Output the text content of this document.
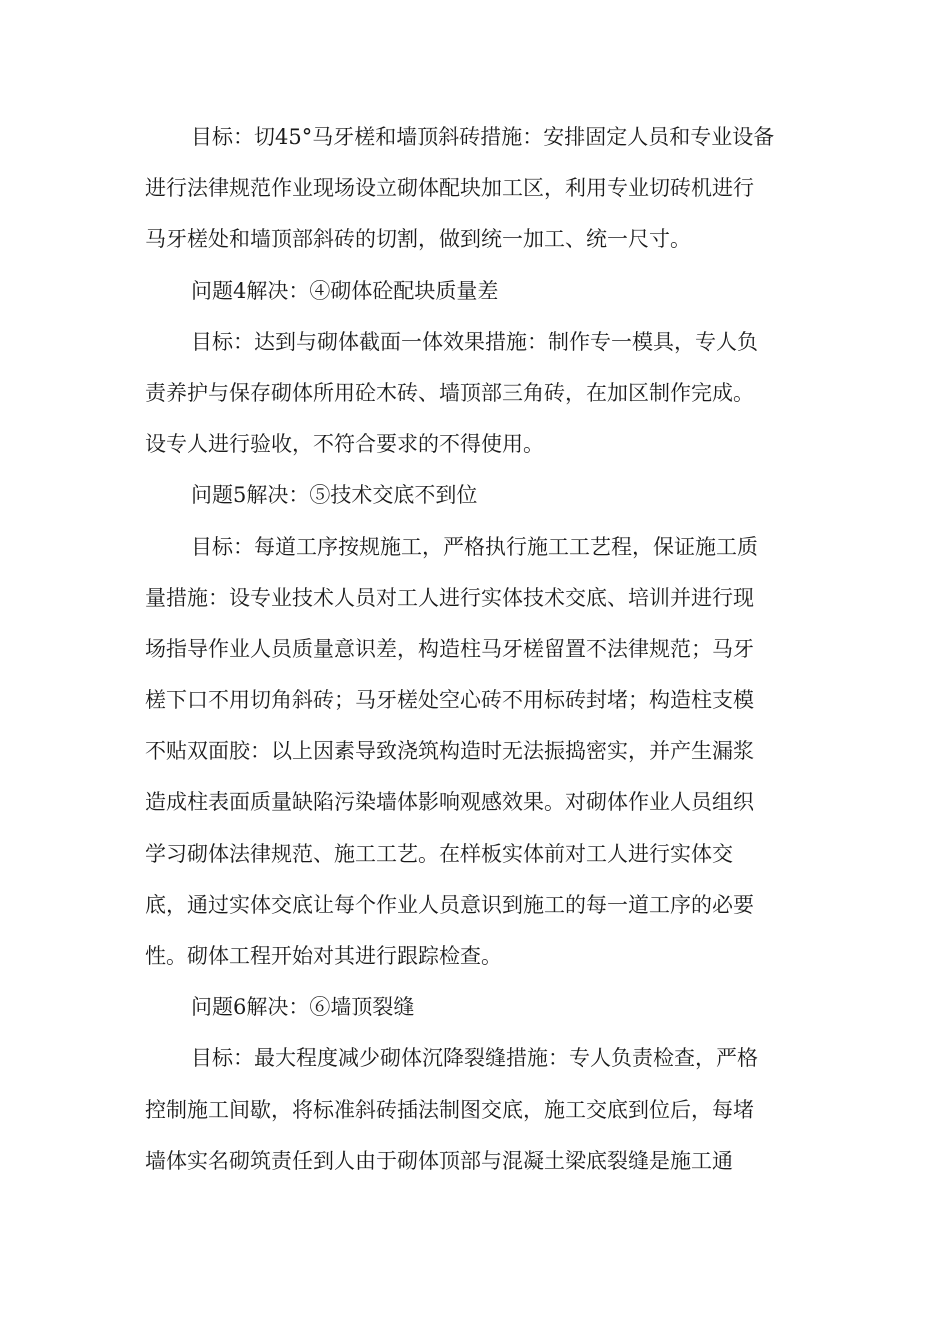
目标：切45°马牙槎和墙顶斜砖措施：安排固定人员和专业设备
进行法律规范作业现场设立砌体配块加工区，利用专业切砖机进行
马牙槎处和墙顶部斜砖的切割，做到统一加工、统一尺寸。
问题4解决：④砌体砼配块质量差
目标：达到与砌体截面一体效果措施：制作专一模具，专人负
责养护与保存砌体所用砼木砖、墙顶部三角砖，在加区制作完成。
设专人进行验收，不符合要求的不得使用。
问题5解决：⑤技术交底不到位
目标：每道工序按规施工，严格执行施工工艺程，保证施工质
量措施：设专业技术人员对工人进行实体技术交底、培训并进行现
场指导作业人员质量意识差，构造柱马牙槎留置不法律规范；马牙
槎下口不用切角斜砖；马牙槎处空心砖不用标砖封堵；构造柱支模
不贴双面胶：以上因素导致浇筑构造时无法振捣密实，并产生漏浆
造成柱表面质量缺陷污染墙体影响观感效果。对砌体作业人员组织
学习砌体法律规范、施工工艺。在样板实体前对工人进行实体交
底，通过实体交底让每个作业人员意识到施工的每一道工序的必要
性。砌体工程开始对其进行跟踪检查。
问题6解决：⑥墙顶裂缝
目标：最大程度减少砌体沉降裂缝措施：专人负责检查，严格
控制施工间歇，将标准斜砖插法制图交底，施工交底到位后，每堵
墙体实名砌筑责任到人由于砌体顶部与混凝土梁底裂缝是施工通
